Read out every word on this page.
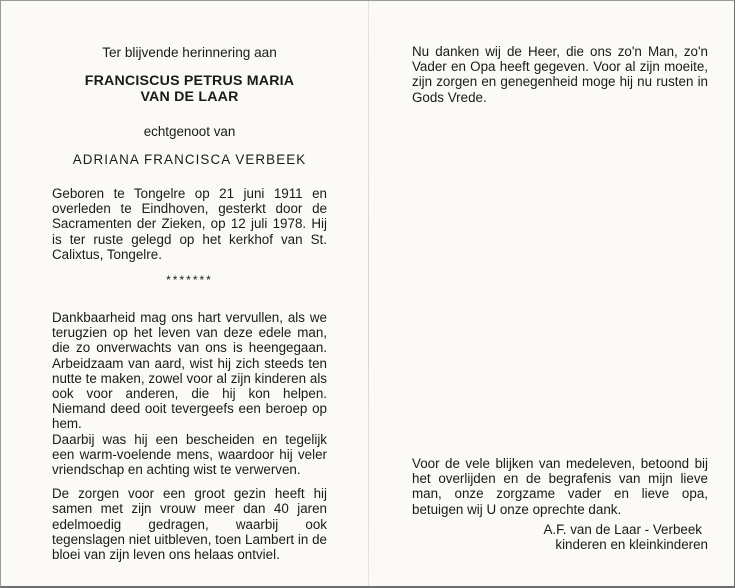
Ter blijvende herinnering aan

FRANCISCUS PETRUS MARIA
VAN DE LAAR

echtgenoot van

ADRIANA FRANCISCA VERBEEK

Geboren te Tongelre op 21 juni 1911 en overleden te Eindhoven, gesterkt door de Sacramenten der Zieken, op 12 juli 1978. Hij is ter ruste gelegd op het kerkhof van St. Calixtus, Tongelre.

*******

Dankbaarheid mag ons hart vervullen, als we terugzien op het leven van deze edele man, die zo onverwachts van ons is heengegaan. Arbeidzaam van aard, wist hij zich steeds ten nutte te maken, zowel voor al zijn kinderen als ook voor anderen, die hij kon helpen. Niemand deed ooit tevergeefs een beroep op hem.

Daarbij was hij een bescheiden en tegelijk een warm-voelende mens, waardoor hij veler vriendschap en achting wist te verwerven.

De zorgen voor een groot gezin heeft hij samen met zijn vrouw meer dan 40 jaren edelmoedig gedragen, waarbij ook tegenslagen niet uitbleven, toen Lambert in de bloei van zijn leven ons helaas ontviel.

Nu danken wij de Heer, die ons zo'n Man, zo'n Vader en Opa heeft gegeven. Voor al zijn moeite, zijn zorgen en genegenheid moge hij nu rusten in Gods Vrede.

Voor de vele blijken van medeleven, betoond bij het overlijden en de begrafenis van mijn lieve man, onze zorgzame vader en lieve opa, betuigen wij U onze oprechte dank.

A.F. van de Laar - Verbeek
kinderen en kleinkinderen
